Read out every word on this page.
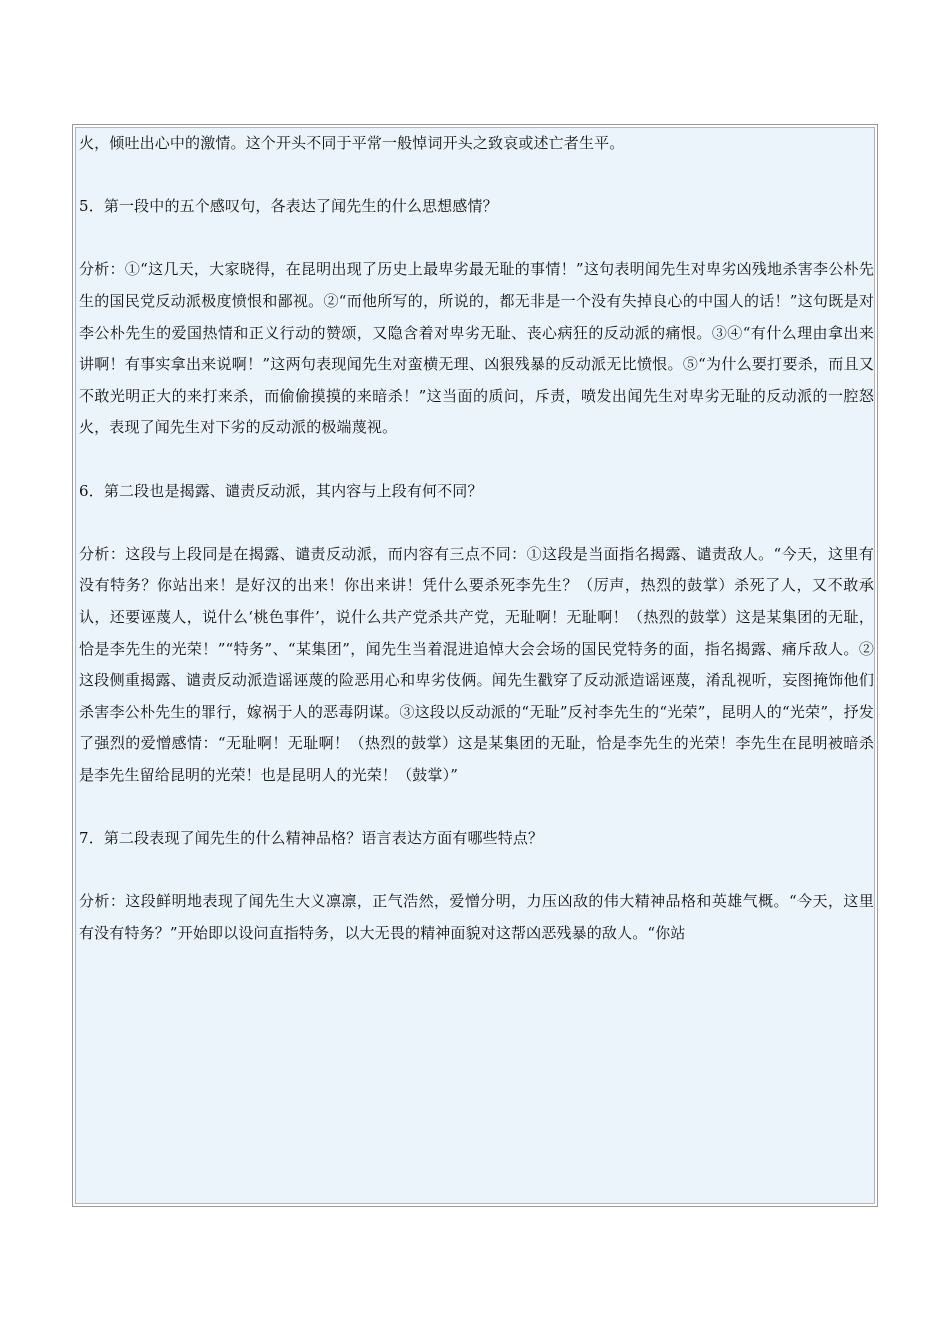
火，倾吐出心中的激情。这个开头不同于平常一般悼词开头之致哀或述亡者生平。

5．第一段中的五个感叹句，各表达了闻先生的什么思想感情？

分析：①“这几天，大家晓得，在昆明出现了历史上最卑劣最无耻的事情！”这句表明闻先生对卑劣凶残地杀害李公朴先生的国民党反动派极度愤恨和鄙视。②“而他所写的，所说的，都无非是一个没有失掉良心的中国人的话！”这句既是对李公朴先生的爱国热情和正义行动的赞颂，又隐含着对卑劣无耻、丧心病狂的反动派的痛恨。③④“有什么理由拿出来讲啊！有事实拿出来说啊！”这两句表现闻先生对蛮横无理、凶狠残暴的反动派无比愤恨。⑤“为什么要打要杀，而且又不敢光明正大的来打来杀，而偷偷摸摸的来暗杀！”这当面的质问，斥责，喷发出闻先生对卑劣无耻的反动派的一腔怒火，表现了闻先生对下劣的反动派的极端蔑视。

6．第二段也是揭露、谴责反动派，其内容与上段有何不同？

分析：这段与上段同是在揭露、谴责反动派，而内容有三点不同：①这段是当面指名揭露、谴责敌人。“今天，这里有没有特务？你站出来！是好汉的出来！你出来讲！凭什么要杀死李先生？（厉声，热烈的鼓掌）杀死了人，又不敢承认，还要诬蔑人，说什么‘桃色事件’，说什么共产党杀共产党，无耻啊！无耻啊！（热烈的鼓掌）这是某集团的无耻，恰是李先生的光荣！”“特务”、“某集团”，闻先生当着混进追悼大会会场的国民党特务的面，指名揭露、痛斥敌人。②这段侧重揭露、谴责反动派造谣诬蔑的险恶用心和卑劣伎俩。闻先生戳穿了反动派造谣诬蔑，淆乱视听，妄图掩饰他们杀害李公朴先生的罪行，嫁祸于人的恶毒阴谋。③这段以反动派的“无耻”反衬李先生的“光荣”，昆明人的“光荣”，抒发了强烈的爱憎感情：“无耻啊！无耻啊！（热烈的鼓掌）这是某集团的无耻，恰是李先生的光荣！李先生在昆明被暗杀是李先生留给昆明的光荣！也是昆明人的光荣！（鼓掌）”

7．第二段表现了闻先生的什么精神品格？语言表达方面有哪些特点？

分析：这段鲜明地表现了闻先生大义凛凛，正气浩然，爱憎分明，力压凶敌的伟大精神品格和英雄气概。“今天，这里有没有特务？”开始即以设问直指特务，以大无畏的精神面貌对这帮凶恶残暴的敌人。“你站
